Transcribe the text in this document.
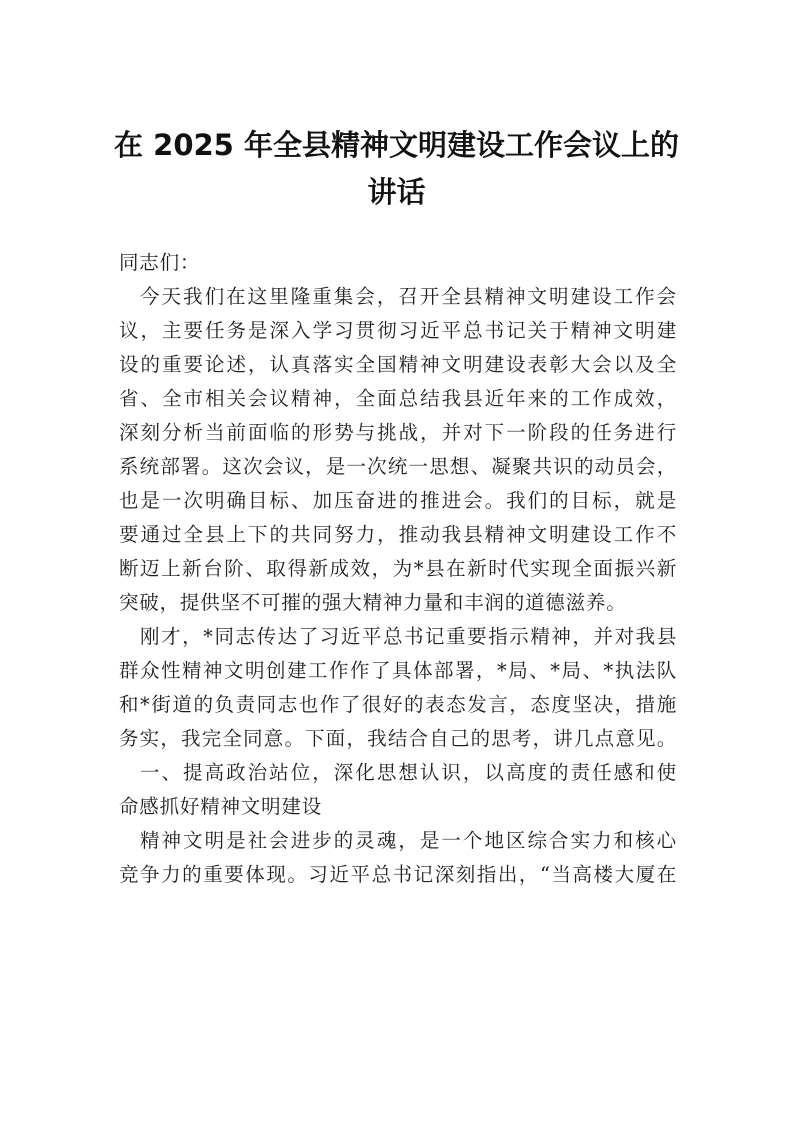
在 2025 年全县精神文明建设工作会议上的
讲话
同志们：
今天我们在这里隆重集会，召开全县精神文明建设工作会
议，主要任务是深入学习贯彻习近平总书记关于精神文明建
设的重要论述，认真落实全国精神文明建设表彰大会以及全
省、全市相关会议精神，全面总结我县近年来的工作成效，
深刻分析当前面临的形势与挑战，并对下一阶段的任务进行
系统部署。这次会议，是一次统一思想、凝聚共识的动员会，
也是一次明确目标、加压奋进的推进会。我们的目标，就是
要通过全县上下的共同努力，推动我县精神文明建设工作不
断迈上新台阶、取得新成效，为*县在新时代实现全面振兴新
突破，提供坚不可摧的强大精神力量和丰润的道德滋养。
刚才，*同志传达了习近平总书记重要指示精神，并对我县
群众性精神文明创建工作作了具体部署，*局、*局、*执法队
和*街道的负责同志也作了很好的表态发言，态度坚决，措施
务实，我完全同意。下面，我结合自己的思考，讲几点意见。
一、提高政治站位，深化思想认识，以高度的责任感和使
命感抓好精神文明建设
精神文明是社会进步的灵魂，是一个地区综合实力和核心
竞争力的重要体现。习近平总书记深刻指出，“当高楼大厦在
